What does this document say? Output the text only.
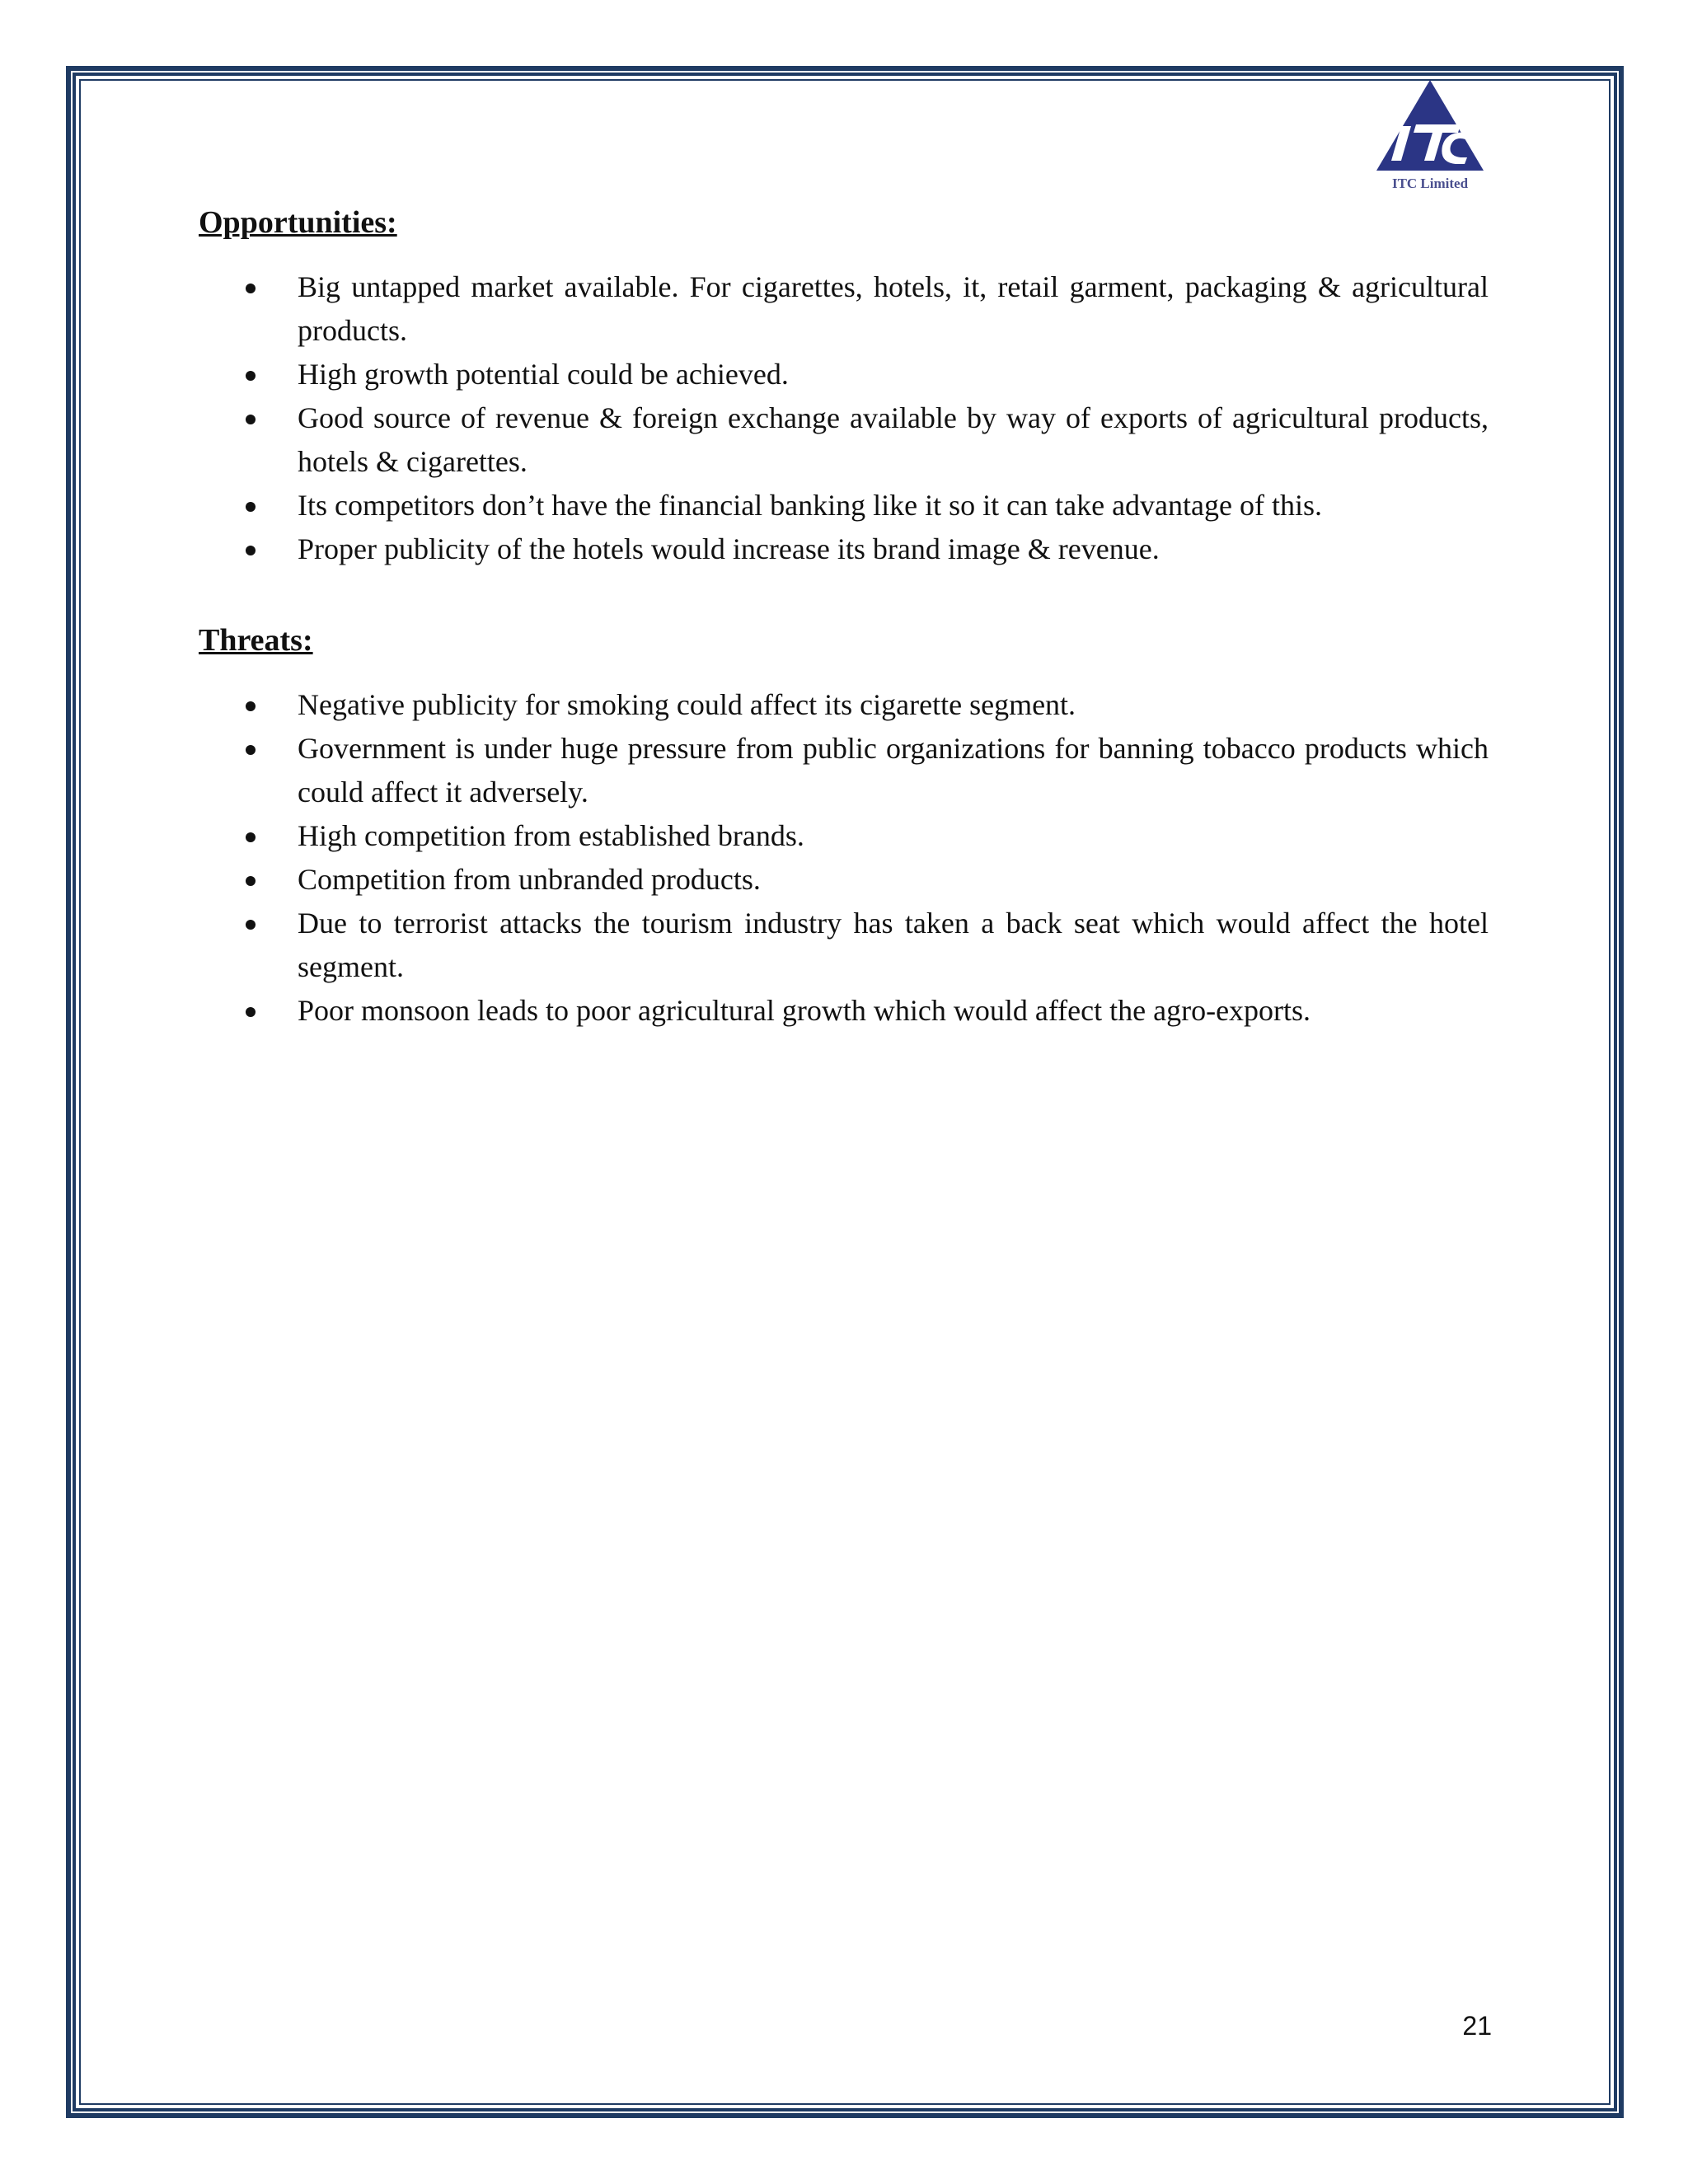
ITC Limited
Opportunities:
Big untapped market available. For cigarettes, hotels, it, retail garment, packaging & agricultural products.
High growth potential could be achieved.
Good source of revenue & foreign exchange available by way of exports of agricultural products, hotels & cigarettes.
Its competitors don’t have the financial banking like it so it can take advantage of this.
Proper publicity of the hotels would increase its brand image & revenue.
Threats:
Negative publicity for smoking could affect its cigarette segment.
Government is under huge pressure from public organizations for banning tobacco products which could affect it adversely.
High competition from established brands.
Competition from unbranded products.
Due to terrorist attacks the tourism industry has taken a back seat which would affect the hotel segment.
Poor monsoon leads to poor agricultural growth which would affect the agro-exports.
21
